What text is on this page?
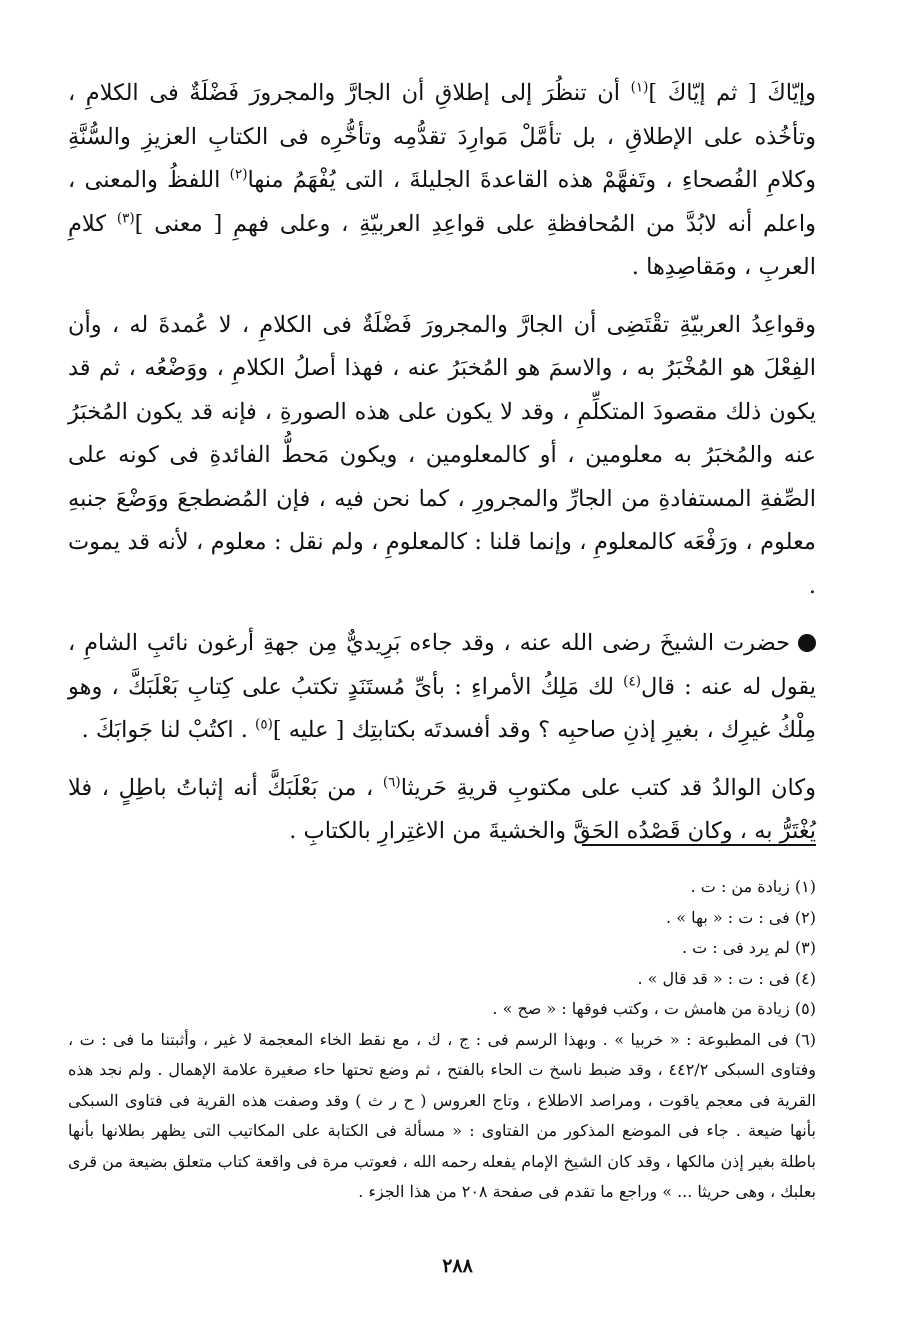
وإيّاكَ [ ثم إيّاكَ ]$^{(١)}$ أن تنظُرَ إلى إطلاقِ أن الجارَّ والمجرورَ فَضْلَةٌ فى الكلامِ ، وتأخُذه على الإطلاقِ ، بل تأمَّلْ مَوارِدَ تقدُّمِه وتأخُّرِه فى الكتابِ العزيزِ والسُّنَّةِ وكلامِ الفُصحاءِ ، وتَفهَّمْ هذه القاعدةَ الجليلةَ ، التى يُفْهَمُ منها$^{(٢)}$ اللفظُ والمعنى ، واعلم أنه لابُدَّ من المُحافظةِ على قواعِدِ العربيّةِ ، وعلى فهمِ [ معنى ]$^{(٣)}$ كلامِ العربِ ، ومَقاصِدِها .

وقواعِدُ العربيّةِ تقْتَضِى أن الجارَّ والمجرورَ فَضْلَةٌ فى الكلامِ ، لا عُمدةَ له ، وأن الفِعْلَ هو المُخْبَرُ به ، والاسمَ هو المُخبَرُ عنه ، فهذا أصلُ الكلامِ ، ووَضْعُه ، ثم قد يكون ذلك مقصودَ المتكلِّمِ ، وقد لا يكون على هذه الصورةِ ، فإنه قد يكون المُخبَرُ عنه والمُخبَرُ به معلومين ، أو كالمعلومين ، ويكون مَحطُّ الفائدةِ فى كونه على الصِّفةِ المستفادةِ من الجارِّ والمجرورِ ، كما نحن فيه ، فإن المُضطجعَ ووَضْعَ جنبهِ معلوم ، ورَفْعَه كالمعلومِ ، وإنما قلنا : كالمعلومِ ، ولم نقل : معلوم ، لأنه قد يموت .

حضرت الشيخَ رضى الله عنه ، وقد جاءه بَرِيديٌّ مِن جهةِ أرغون نائبِ الشامِ ، يقول له عنه : قال$^{(٤)}$ لك مَلِكُ الأمراءِ : بأىِّ مُستَنَدٍ تكتبُ على كِتابِ بَعْلَبَكَّ ، وهو مِلْكُ غيرِك ، بغيرِ إذنِ صاحبِه ؟ وقد أفسدتَه بكتابتِك [ عليه ]$^{(٥)}$ . اكتُبْ لنا جَوابَكَ .

وكان الوالدُ قد كتب على مكتوبِ قريةِ حَريثا$^{(٦)}$ ، من بَعْلَبَكَّ أنه إثباتُ باطِلٍ ، فلا يُغْتَرُّ به ، وكان قَصْدُه الحَقَّ والخشيةَ من الاغتِرارِ بالكتابِ .

(١) زيادة من : ت .

(٢) فى : ت : « بها » .

(٣) لم يرد فى : ت .

(٤) فى : ت : « قد قال » .

(٥) زيادة من هامش ت ، وكتب فوقها : « صح » .

(٦) فى المطبوعة : « خربيا » . وبهذا الرسم فى : ج ، ك ، مع نقط الخاء المعجمة لا غير ، وأثبتنا ما فى : ت ، وفتاوى السبكى ٤٤٢/٢ ، وقد ضبط ناسخ ت الحاء بالفتح ، ثم وضع تحتها حاء صغيرة علامة الإهمال . ولم نجد هذه القرية فى معجم ياقوت ، ومراصد الاطلاع ، وتاج العروس ( ح ر ث ) وقد وصفت هذه القرية فى فتاوى السبكى بأنها ضيعة . جاء فى الموضع المذكور من الفتاوى : « مسألة فى الكتابة على المكاتيب التى يظهر بطلانها بأنها باطلة بغير إذن مالكها ، وقد كان الشيخ الإمام يفعله رحمه الله ، فعوتب مرة فى واقعة كتاب متعلق بضيعة من قرى بعلبك ، وهى حريثا ... » وراجع ما تقدم فى صفحة ٢٠٨ من هذا الجزء .

٢٨٨
